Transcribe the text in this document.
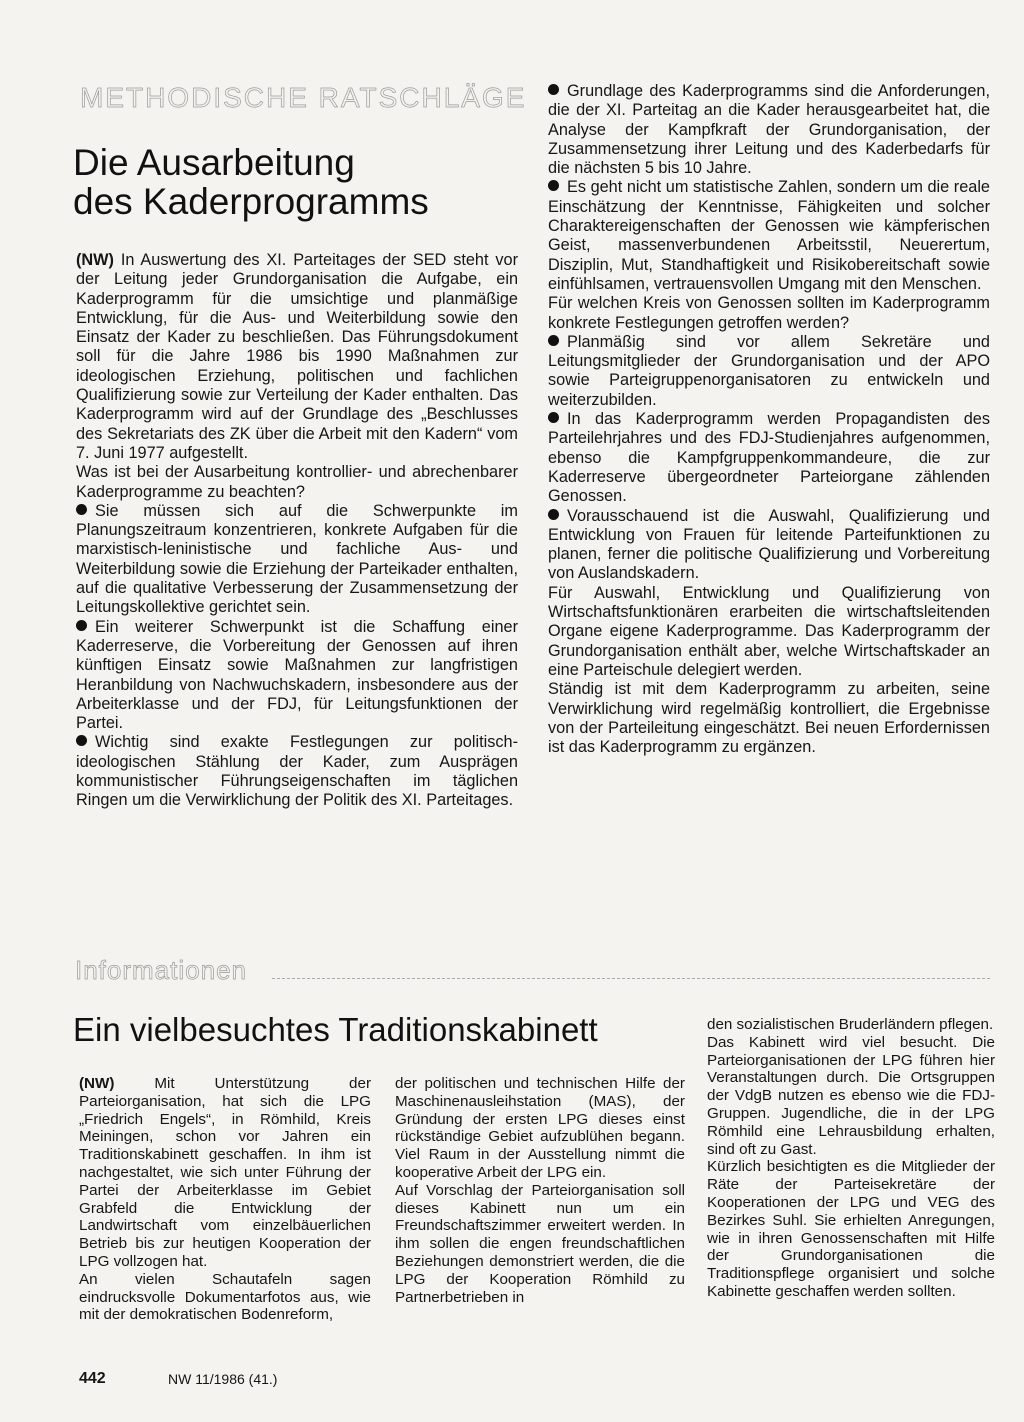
METHODISCHE RATSCHLÄGE
Die Ausarbeitung
des Kaderprogramms

(NW) In Auswertung des XI. Parteitages der SED steht vor der Leitung jeder Grundorganisation die Aufgabe, ein Kaderprogramm für die umsichtige und planmäßige Entwicklung, für die Aus- und Weiterbildung sowie den Einsatz der Kader zu beschließen. Das Führungsdokument soll für die Jahre 1986 bis 1990 Maßnahmen zur ideologischen Erziehung, politischen und fachlichen Qualifizierung sowie zur Verteilung der Kader enthalten. Das Kaderprogramm wird auf der Grundlage des „Beschlusses des Sekretariats des ZK über die Arbeit mit den Kadern“ vom 7. Juni 1977 aufgestellt.

Was ist bei der Ausarbeitung kontrollier- und abrechenbarer Kaderprogramme zu beachten?

Sie müssen sich auf die Schwerpunkte im Planungszeitraum konzentrieren, konkrete Aufgaben für die marxistisch-leninistische und fachliche Aus- und Weiterbildung sowie die Erziehung der Parteikader enthalten, auf die qualitative Verbesserung der Zusammensetzung der Leitungskollektive gerichtet sein.

Ein weiterer Schwerpunkt ist die Schaffung einer Kaderreserve, die Vorbereitung der Genossen auf ihren künftigen Einsatz sowie Maßnahmen zur langfristigen Heranbildung von Nachwuchskadern, insbesondere aus der Arbeiterklasse und der FDJ, für Leitungsfunktionen der Partei.

Wichtig sind exakte Festlegungen zur politisch-ideologischen Stählung der Kader, zum Ausprägen kommunistischer Führungseigenschaften im täglichen Ringen um die Verwirklichung der Politik des XI. Parteitages.

Grundlage des Kaderprogramms sind die Anforderungen, die der XI. Parteitag an die Kader herausgearbeitet hat, die Analyse der Kampfkraft der Grundorganisation, der Zusammensetzung ihrer Leitung und des Kaderbedarfs für die nächsten 5 bis 10 Jahre.

Es geht nicht um statistische Zahlen, sondern um die reale Einschätzung der Kenntnisse, Fähigkeiten und solcher Charaktereigenschaften der Genossen wie kämpferischen Geist, massenverbundenen Arbeitsstil, Neuerertum, Disziplin, Mut, Standhaftigkeit und Risikobereitschaft sowie einfühlsamen, vertrauensvollen Umgang mit den Menschen.

Für welchen Kreis von Genossen sollten im Kaderprogramm konkrete Festlegungen getroffen werden?

Planmäßig sind vor allem Sekretäre und Leitungsmitglieder der Grundorganisation und der APO sowie Parteigruppenorganisatoren zu entwickeln und weiterzubilden.

In das Kaderprogramm werden Propagandisten des Parteilehrjahres und des FDJ-Studienjahres aufgenommen, ebenso die Kampfgruppenkommandeure, die zur Kaderreserve übergeordneter Parteiorgane zählenden Genossen.

Vorausschauend ist die Auswahl, Qualifizierung und Entwicklung von Frauen für leitende Parteifunktionen zu planen, ferner die politische Qualifizierung und Vorbereitung von Auslandskadern.

Für Auswahl, Entwicklung und Qualifizierung von Wirtschaftsfunktionären erarbeiten die wirtschaftsleitenden Organe eigene Kaderprogramme. Das Kaderprogramm der Grundorganisation enthält aber, welche Wirtschaftskader an eine Parteischule delegiert werden.

Ständig ist mit dem Kaderprogramm zu arbeiten, seine Verwirklichung wird regelmäßig kontrolliert, die Ergebnisse von der Parteileitung eingeschätzt. Bei neuen Erfordernissen ist das Kaderprogramm zu ergänzen.

Informationen
Ein vielbesuchtes Traditionskabinett

(NW)	Mit Unterstützung der Parteiorganisation, hat sich die LPG „Friedrich Engels“, in Römhild, Kreis Meiningen, schon vor Jahren ein Traditionskabinett geschaffen. In ihm ist nachgestaltet, wie sich unter Führung der Partei der Arbeiterklasse im Gebiet Grabfeld die Entwicklung der Landwirtschaft vom einzelbäuerlichen Betrieb bis zur heutigen Kooperation der LPG vollzogen hat.

An vielen Schautafeln sagen eindrucksvolle Dokumentarfotos aus, wie mit der demokratischen Bodenreform,

der politischen und technischen Hilfe der Maschinenausleihstation (MAS), der Gründung der ersten LPG dieses einst rückständige Gebiet aufzublühen begann. Viel Raum in der Ausstellung nimmt die kooperative Arbeit der LPG ein.

Auf Vorschlag der Parteiorganisation soll dieses Kabinett nun um ein Freundschaftszimmer erweitert werden. In ihm sollen die engen freundschaftlichen Beziehungen demonstriert werden, die die LPG der Kooperation Römhild zu Partnerbetrieben in

den sozialistischen Bruderländern pflegen.

Das Kabinett wird viel besucht. Die Parteiorganisationen der LPG führen hier Veranstaltungen durch. Die Ortsgruppen der VdgB nutzen es ebenso wie die FDJ-Gruppen. Jugendliche, die in der LPG Römhild eine Lehrausbildung erhalten, sind oft zu Gast.

Kürzlich besichtigten es die Mitglieder der Räte der Parteisekretäre der Kooperationen der LPG und VEG des Bezirkes Suhl. Sie erhielten Anregungen, wie in ihren Genossenschaften mit Hilfe der Grundorganisationen die Traditionspflege organisiert und solche Kabinette geschaffen werden sollten.

442	NW 11/1986 (41.)
